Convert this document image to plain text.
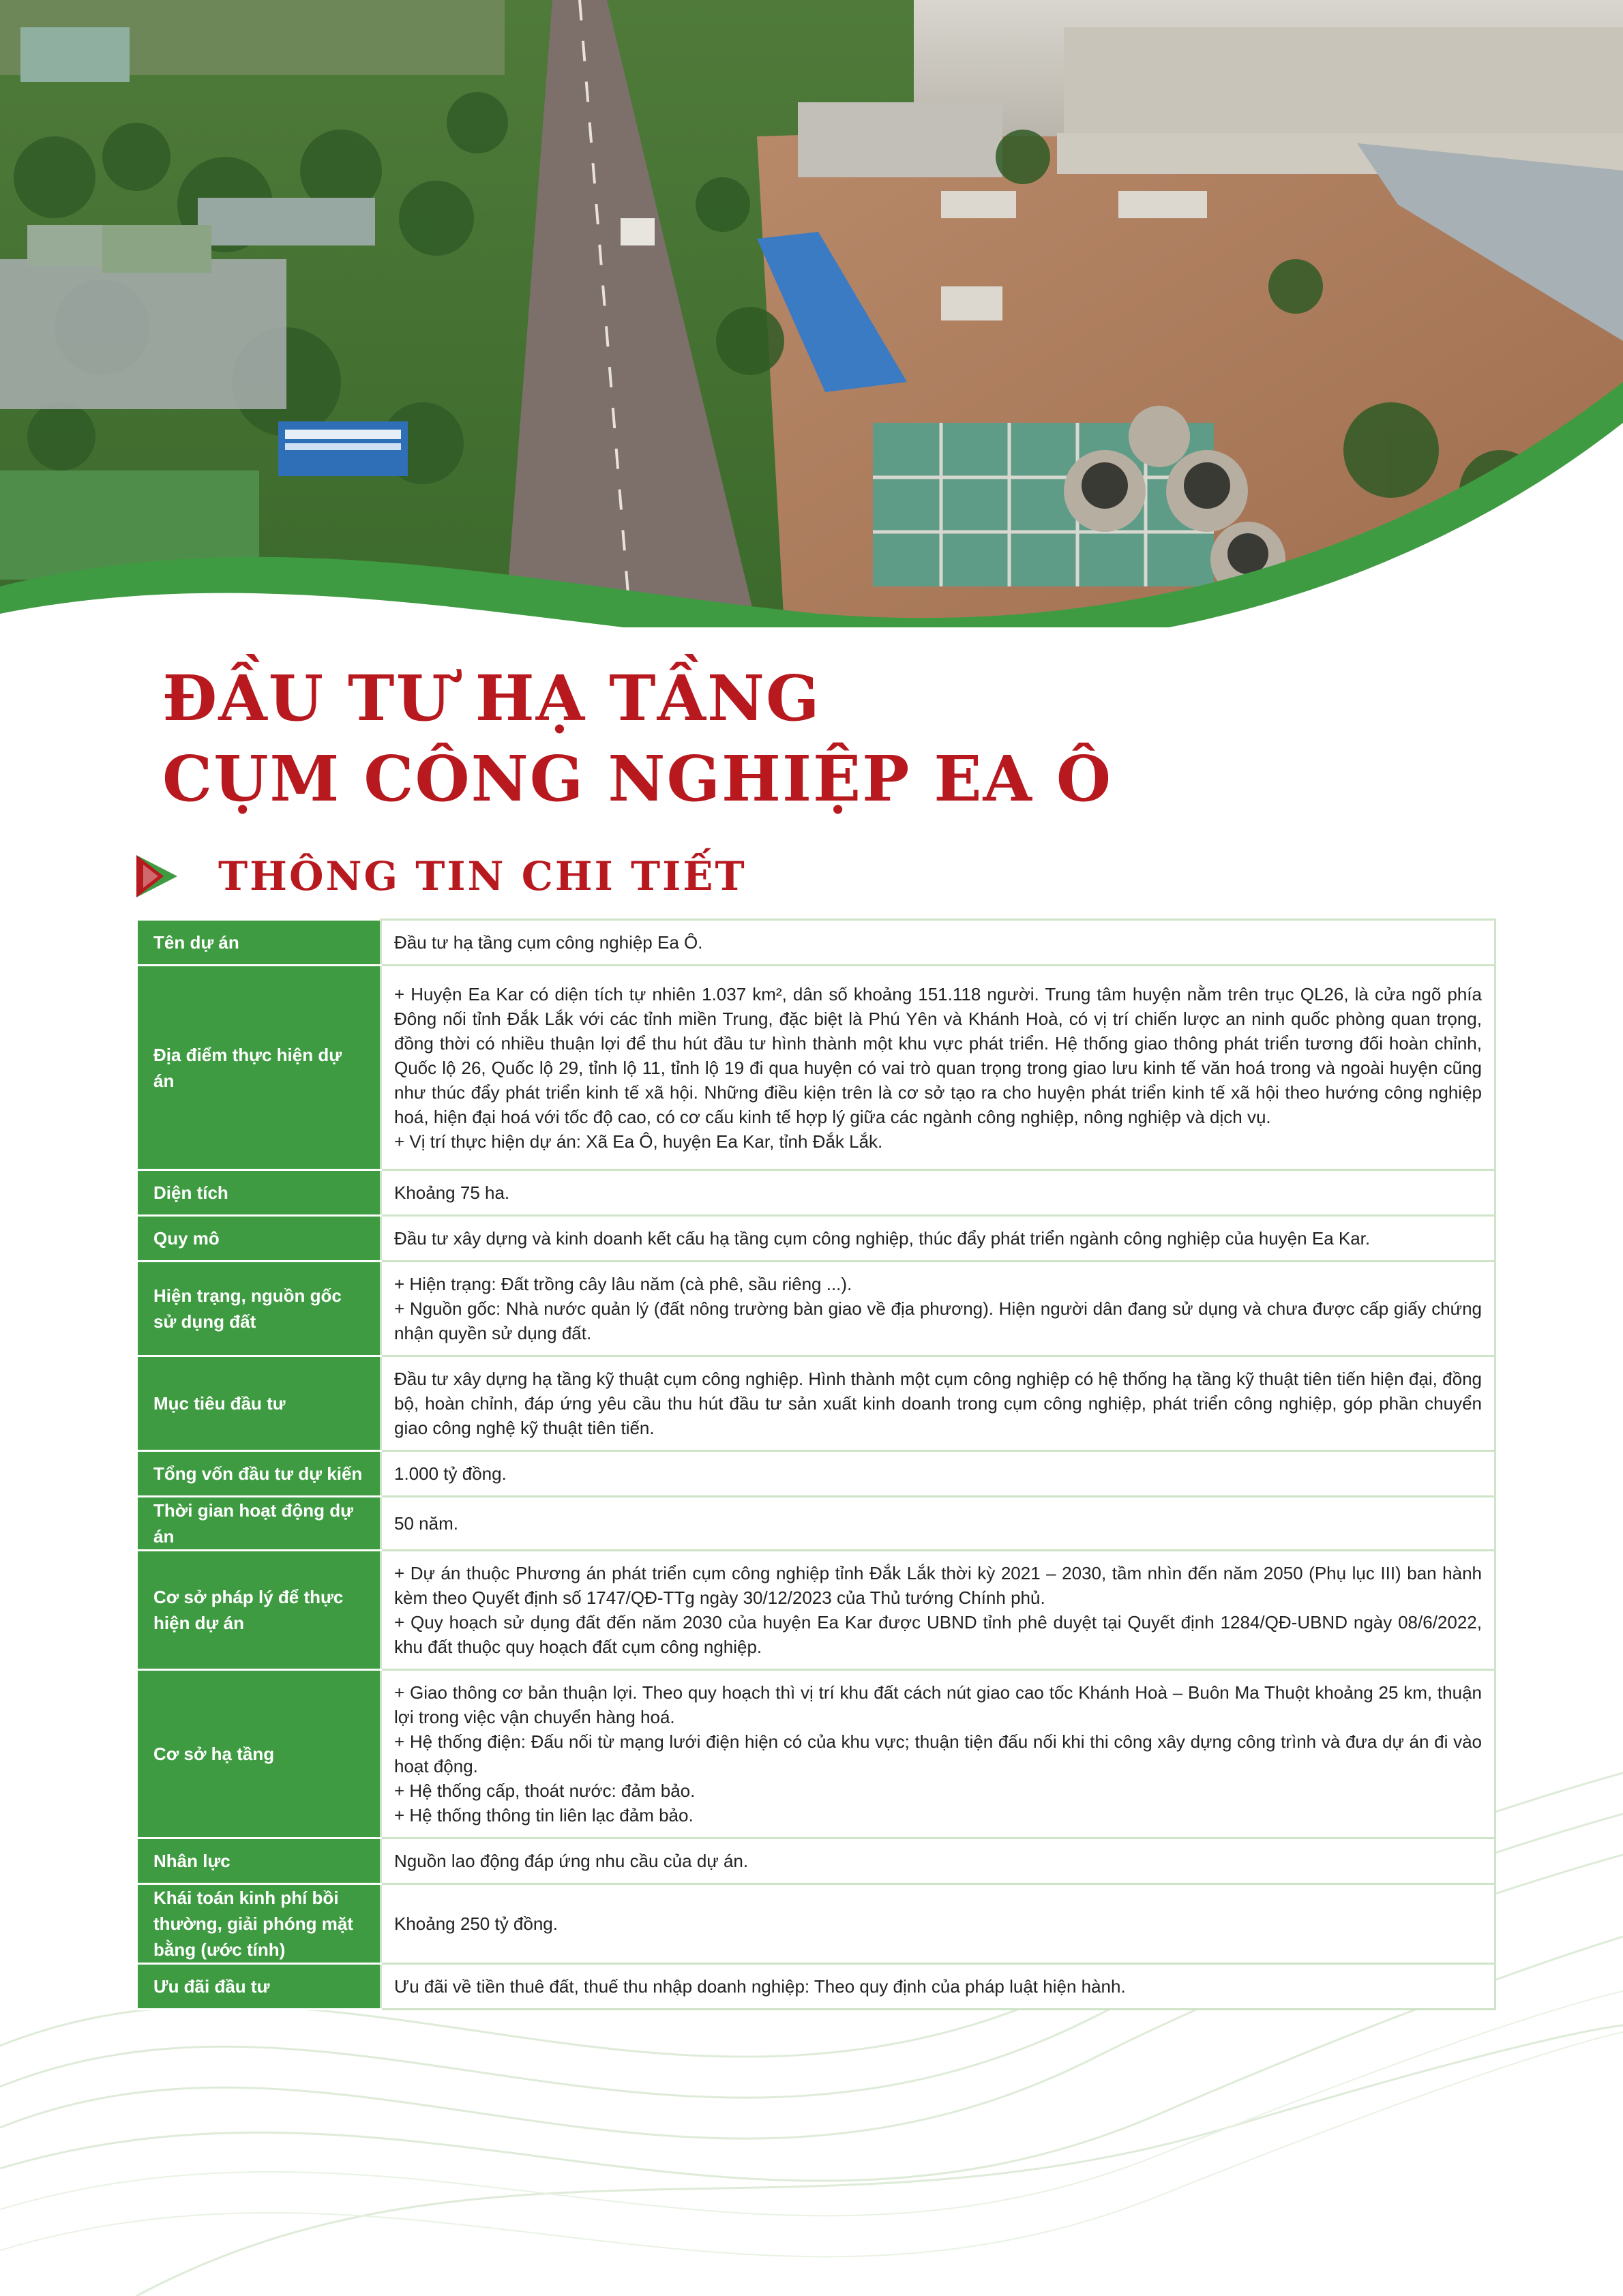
ĐẦU TƯ HẠ TẦNG
CỤM CÔNG NGHIỆP EA Ô
THÔNG TIN CHI TIẾT
Tên dự án	Đầu tư hạ tầng cụm công nghiệp Ea Ô.

Địa điểm thực hiện dự án	+ Huyện Ea Kar có diện tích tự nhiên 1.037 km², dân số khoảng 151.118 người. Trung tâm huyện nằm trên trục QL26, là cửa ngõ phía Đông nối tỉnh Đắk Lắk với các tỉnh miền Trung, đặc biệt là Phú Yên và Khánh Hoà, có vị trí chiến lược an ninh quốc phòng quan trọng, đồng thời có nhiều thuận lợi để thu hút đầu tư hình thành một khu vực phát triển. Hệ thống giao thông phát triển tương đối hoàn chỉnh, Quốc lộ 26, Quốc lộ 29, tỉnh lộ 11, tỉnh lộ 19 đi qua huyện có vai trò quan trọng trong giao lưu kinh tế văn hoá trong và ngoài huyện cũng như thúc đẩy phát triển kinh tế xã hội. Những điều kiện trên là cơ sở tạo ra cho huyện phát triển kinh tế xã hội theo hướng công nghiệp hoá, hiện đại hoá với tốc độ cao, có cơ cấu kinh tế hợp lý giữa các ngành công nghiệp, nông nghiệp và dịch vụ.
+ Vị trí thực hiện dự án: Xã Ea Ô, huyện Ea Kar, tỉnh Đắk Lắk.

Diện tích	Khoảng 75 ha.

Quy mô	Đầu tư xây dựng và kinh doanh kết cấu hạ tầng cụm công nghiệp, thúc đẩy phát triển ngành công nghiệp của huyện Ea Kar.

Hiện trạng, nguồn gốc sử dụng đất	+ Hiện trạng: Đất trồng cây lâu năm (cà phê, sầu riêng ...).
+ Nguồn gốc: Nhà nước quản lý (đất nông trường bàn giao về địa phương). Hiện người dân đang sử dụng và chưa được cấp giấy chứng nhận quyền sử dụng đất.

Mục tiêu đầu tư	Đầu tư xây dựng hạ tầng kỹ thuật cụm công nghiệp. Hình thành một cụm công nghiệp có hệ thống hạ tầng kỹ thuật tiên tiến hiện đại, đồng bộ, hoàn chỉnh, đáp ứng yêu cầu thu hút đầu tư sản xuất kinh doanh trong cụm công nghiệp, phát triển công nghiệp, góp phần chuyển giao công nghệ kỹ thuật tiên tiến.

Tổng vốn đầu tư dự kiến	1.000 tỷ đồng.

Thời gian hoạt động dự án	50 năm.

Cơ sở pháp lý để thực hiện dự án	+ Dự án thuộc Phương án phát triển cụm công nghiệp tỉnh Đắk Lắk thời kỳ 2021 – 2030, tầm nhìn đến năm 2050 (Phụ lục III) ban hành kèm theo Quyết định số 1747/QĐ-TTg ngày 30/12/2023 của Thủ tướng Chính phủ.
+ Quy hoạch sử dụng đất đến năm 2030 của huyện Ea Kar được UBND tỉnh phê duyệt tại Quyết định 1284/QĐ-UBND ngày 08/6/2022, khu đất thuộc quy hoạch đất cụm công nghiệp.

Cơ sở hạ tầng	+ Giao thông cơ bản thuận lợi. Theo quy hoạch thì vị trí khu đất cách nút giao cao tốc Khánh Hoà – Buôn Ma Thuột khoảng 25 km, thuận lợi trong việc vận chuyển hàng hoá.
+ Hệ thống điện: Đấu nối từ mạng lưới điện hiện có của khu vực; thuận tiện đấu nối khi thi công xây dựng công trình và đưa dự án đi vào hoạt động.
+ Hệ thống cấp, thoát nước: đảm bảo.
+ Hệ thống thông tin liên lạc đảm bảo.

Nhân lực	Nguồn lao động đáp ứng nhu cầu của dự án.

Khái toán kinh phí bồi thường, giải phóng mặt bằng (ước tính)	Khoảng 250 tỷ đồng.

Ưu đãi đầu tư	Ưu đãi về tiền thuê đất, thuế thu nhập doanh nghiệp: Theo quy định của pháp luật hiện hành.
